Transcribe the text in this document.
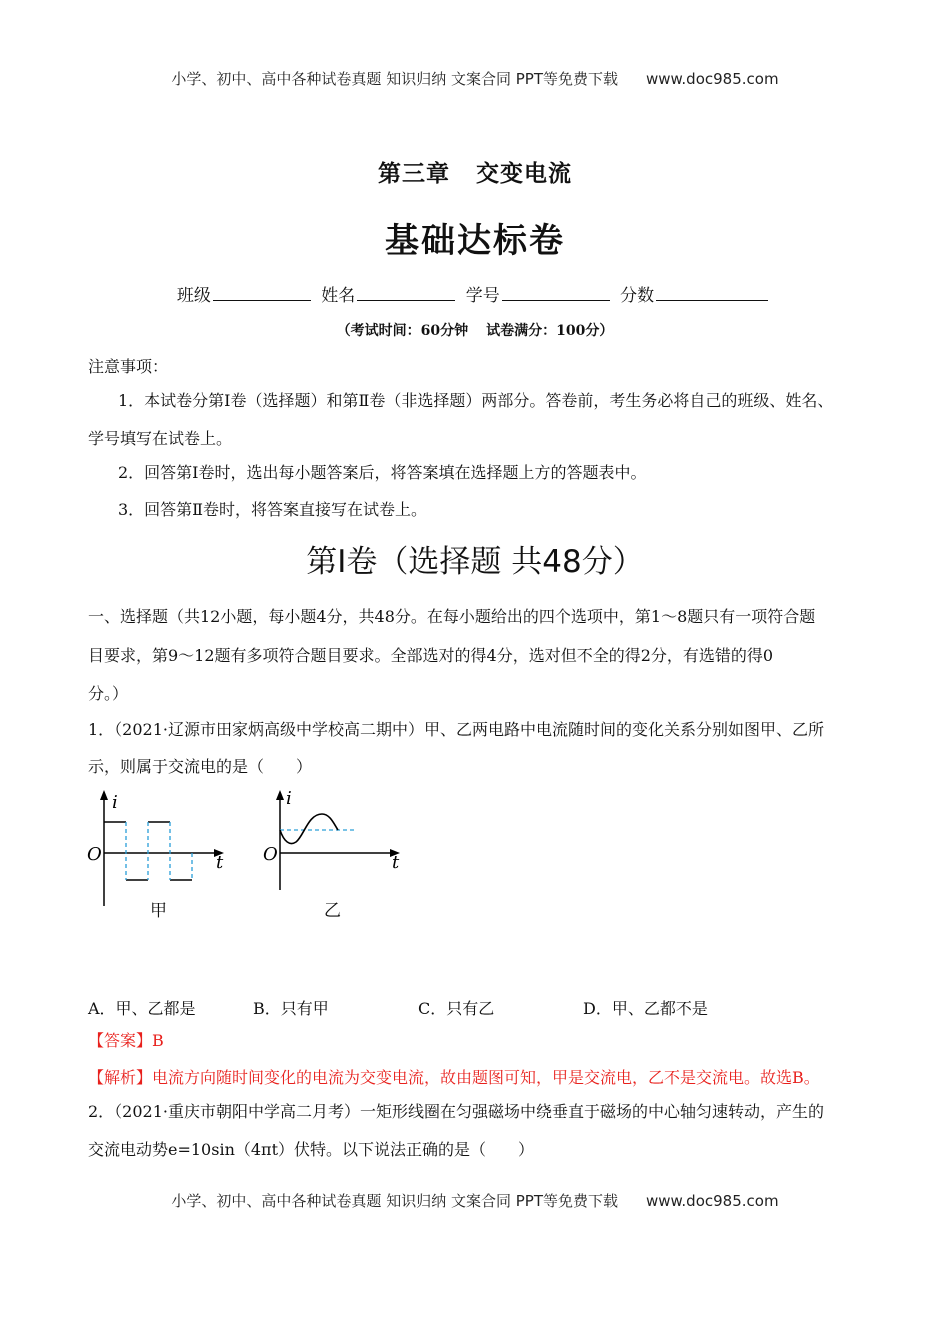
小学、初中、高中各种试卷真题 知识归纳 文案合同 PPT等免费下载 www.doc985.com
第三章 交变电流
基础达标卷
班级	姓名	学号	分数
（考试时间：60分钟 试卷满分：100分）
注意事项：
1．本试卷分第Ⅰ卷（选择题）和第Ⅱ卷（非选择题）两部分。答卷前，考生务必将自己的班级、姓名、
学号填写在试卷上。
2．回答第Ⅰ卷时，选出每小题答案后，将答案填在选择题上方的答题表中。
3．回答第Ⅱ卷时，将答案直接写在试卷上。
第Ⅰ卷（选择题 共48分）
一、选择题（共12小题，每小题4分，共48分。在每小题给出的四个选项中，第1～8题只有一项符合题
目要求，第9～12题有多项符合题目要求。全部选对的得4分，选对但不全的得2分，有选错的得0
分。）
1．（2021·辽源市田家炳高级中学校高二期中）甲、乙两电路中电流随时间的变化关系分别如图甲、乙所
示，则属于交流电的是（　　）
i
t
O
甲
i
t
O
乙
A．甲、乙都是	B．只有甲	C．只有乙	D．甲、乙都不是
【答案】B
【解析】电流方向随时间变化的电流为交变电流，故由题图可知，甲是交流电，乙不是交流电。故选B。
2．（2021·重庆市朝阳中学高二月考）一矩形线圈在匀强磁场中绕垂直于磁场的中心轴匀速转动，产生的
交流电动势e=10sin（4πt）伏特。以下说法正确的是（　　）
小学、初中、高中各种试卷真题 知识归纳 文案合同 PPT等免费下载 www.doc985.com
